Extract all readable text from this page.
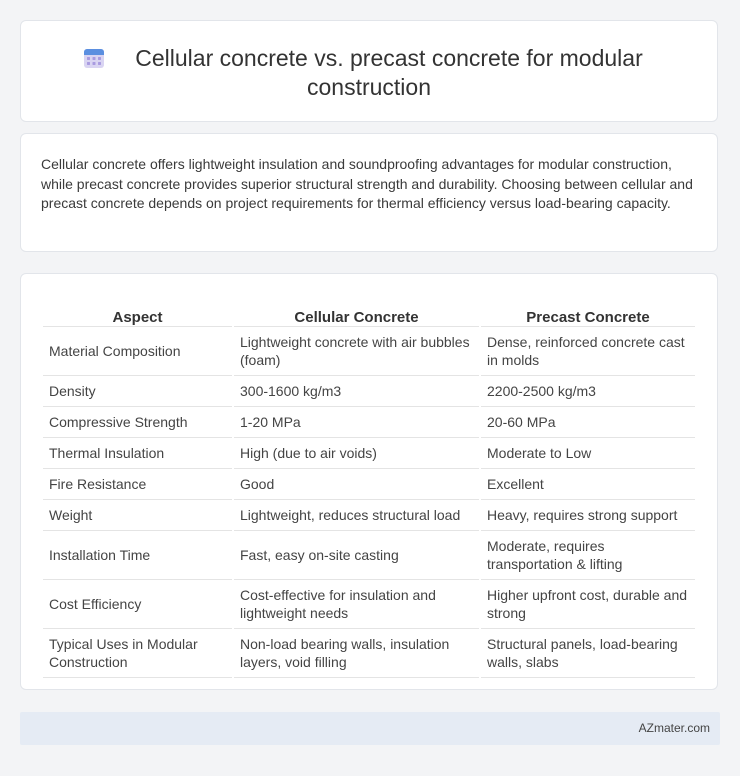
Cellular concrete vs. precast concrete for modular
construction
Cellular concrete offers lightweight insulation and soundproofing advantages for modular construction, while precast concrete provides superior structural strength and durability. Choosing between cellular and precast concrete depends on project requirements for thermal efficiency versus load-bearing capacity.
Aspect	Cellular Concrete	Precast Concrete
Material Composition	Lightweight concrete with air bubbles (foam)	Dense, reinforced concrete cast in molds
Density	300-1600 kg/m3	2200-2500 kg/m3
Compressive Strength	1-20 MPa	20-60 MPa
Thermal Insulation	High (due to air voids)	Moderate to Low
Fire Resistance	Good	Excellent
Weight	Lightweight, reduces structural load	Heavy, requires strong support
Installation Time	Fast, easy on-site casting	Moderate, requires transportation & lifting
Cost Efficiency	Cost-effective for insulation and lightweight needs	Higher upfront cost, durable and strong
Typical Uses in Modular Construction	Non-load bearing walls, insulation layers, void filling	Structural panels, load-bearing walls, slabs
AZmater.com
